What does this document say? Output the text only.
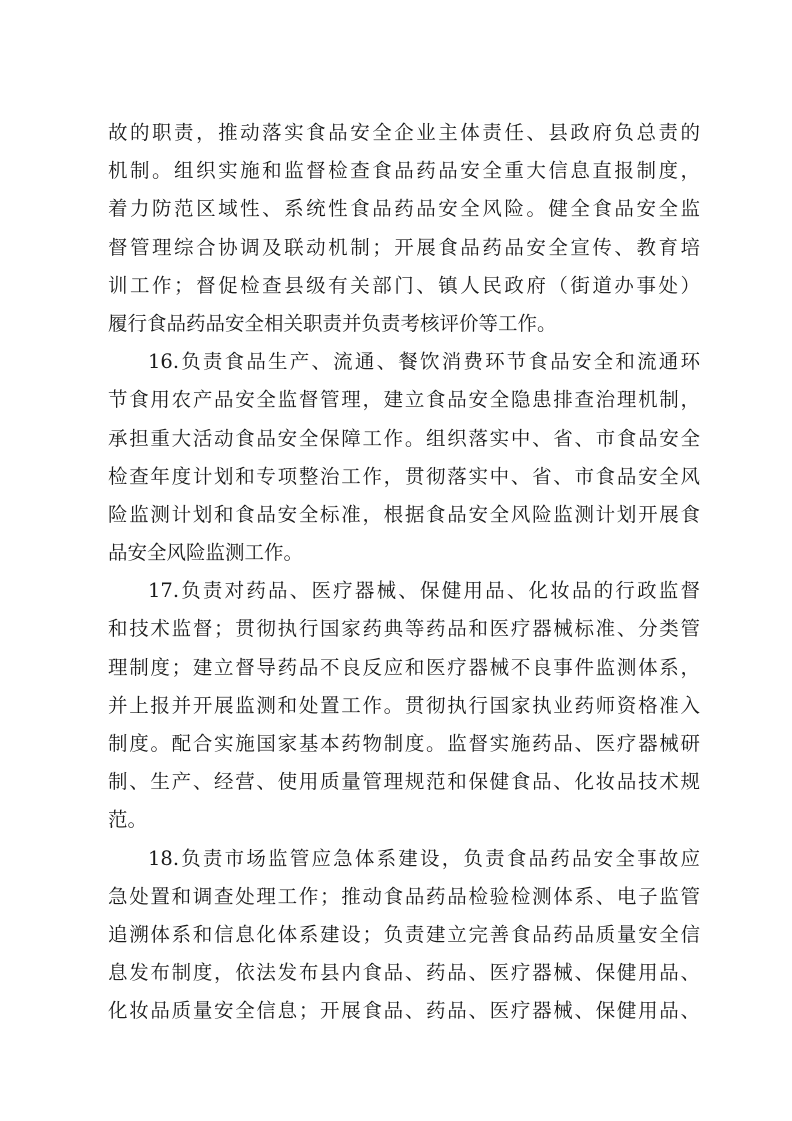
故的职责，推动落实食品安全企业主体责任、县政府负总责的
机制。组织实施和监督检查食品药品安全重大信息直报制度，
着力防范区域性、系统性食品药品安全风险。健全食品安全监
督管理综合协调及联动机制；开展食品药品安全宣传、教育培
训工作；督促检查县级有关部门、镇人民政府（街道办事处）
履行食品药品安全相关职责并负责考核评价等工作。
16.负责食品生产、流通、餐饮消费环节食品安全和流通环
节食用农产品安全监督管理，建立食品安全隐患排查治理机制，
承担重大活动食品安全保障工作。组织落实中、省、市食品安全
检查年度计划和专项整治工作，贯彻落实中、省、市食品安全风
险监测计划和食品安全标准，根据食品安全风险监测计划开展食
品安全风险监测工作。
17.负责对药品、医疗器械、保健用品、化妆品的行政监督
和技术监督；贯彻执行国家药典等药品和医疗器械标准、分类管
理制度；建立督导药品不良反应和医疗器械不良事件监测体系，
并上报并开展监测和处置工作。贯彻执行国家执业药师资格准入
制度。配合实施国家基本药物制度。监督实施药品、医疗器械研
制、生产、经营、使用质量管理规范和保健食品、化妆品技术规
范。
18.负责市场监管应急体系建设，负责食品药品安全事故应
急处置和调查处理工作；推动食品药品检验检测体系、电子监管
追溯体系和信息化体系建设；负责建立完善食品药品质量安全信
息发布制度，依法发布县内食品、药品、医疗器械、保健用品、
化妆品质量安全信息；开展食品、药品、医疗器械、保健用品、
